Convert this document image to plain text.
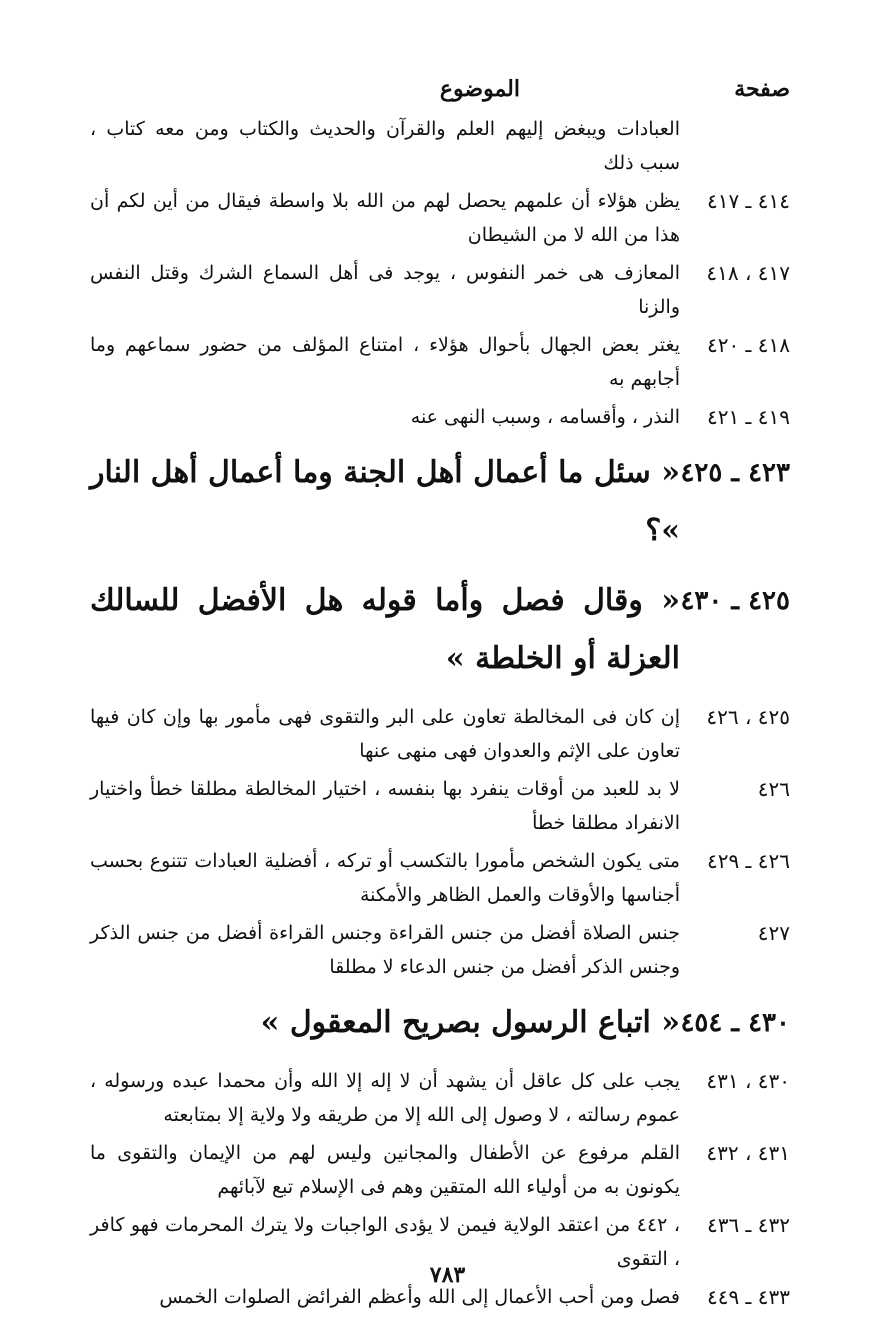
صفحة
الموضوع
العبادات ويبغض إليهم العلم والقرآن والحديث والكتاب ومن معه كتاب ، سبب ذلك
٤١٤ ـ ٤١٧
يظن هؤلاء أن علمهم يحصل لهم من الله بلا واسطة فيقال من أين لكم أن هذا من الله لا من الشيطان
٤١٧ ، ٤١٨
المعازف هى خمر النفوس ، يوجد فى أهل السماع الشرك وقتل النفس والزنا
٤١٨ ـ ٤٢٠
يغتر بعض الجهال بأحوال هؤلاء ، امتناع المؤلف من حضور سماعهم وما أجابهم به
٤١٩ ـ ٤٢١
النذر ، وأقسامه ، وسبب النهى عنه
٤٢٣ ـ ٤٢٥
« سئل ما أعمال أهل الجنة وما أعمال أهل النار »؟
٤٢٥ ـ ٤٣٠
« وقال فصل وأما قوله هل الأفضل للسالك العزلة أو الخلطة »
٤٢٥ ، ٤٢٦
إن كان فى المخالطة تعاون على البر والتقوى فهى مأمور بها وإن كان فيها تعاون على الإثم والعدوان فهى منهى عنها
٤٢٦
لا بد للعبد من أوقات ينفرد بها بنفسه ، اختيار المخالطة مطلقا خطأ واختيار الانفراد مطلقا خطأ
٤٢٦ ـ ٤٢٩
متى يكون الشخص مأمورا بالتكسب أو تركه ، أفضلية العبادات تتنوع بحسب أجناسها والأوقات والعمل الظاهر والأمكنة
٤٢٧
جنس الصلاة أفضل من جنس القراءة وجنس القراءة أفضل من جنس الذكر وجنس الذكر أفضل من جنس الدعاء لا مطلقا
٤٣٠ ـ ٤٥٤
« اتباع الرسول بصريح المعقول »
٤٣٠ ، ٤٣١
يجب على كل عاقل أن يشهد أن لا إله إلا الله وأن محمدا عبده ورسوله ، عموم رسالته ، لا وصول إلى الله إلا من طريقه ولا ولاية إلا بمتابعته
٤٣١ ، ٤٣٢
القلم مرفوع عن الأطفال والمجانين وليس لهم من الإيمان والتقوى ما يكونون به من أولياء الله المتقين وهم فى الإسلام تبع لآبائهم
٤٣٢ ـ ٤٣٦
، ٤٤٢ من اعتقد الولاية فيمن لا يؤدى الواجبات ولا يترك المحرمات فهو كافر ، التقوى
٤٣٣ ـ ٤٤٩
فصل ومن أحب الأعمال إلى الله وأعظم الفرائض الصلوات الخمس
٧٨٣
